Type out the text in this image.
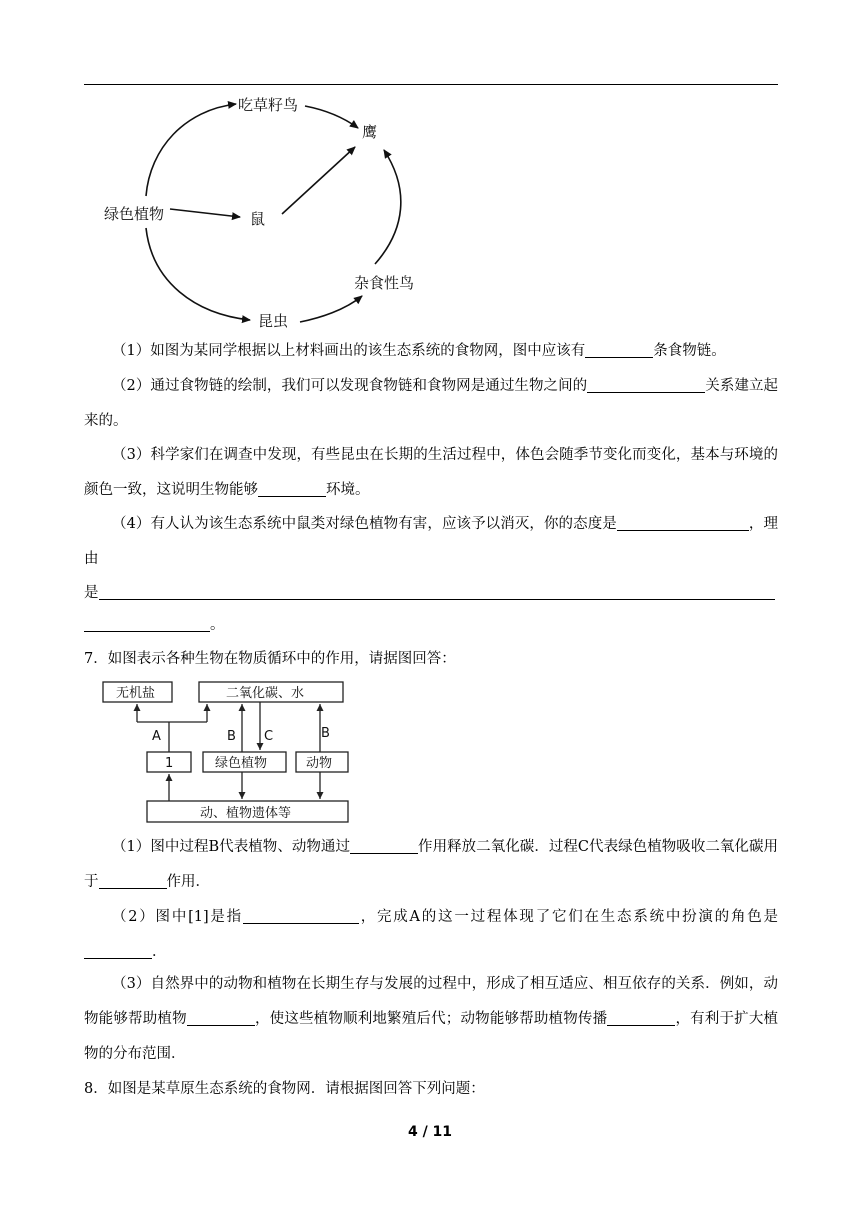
吃草籽鸟
鹰
绿色植物	鼠
杂食性鸟
昆虫
（1）如图为某同学根据以上材料画出的该生态系统的食物网，图中应该有	条食物链。
（2）通过食物链的绘制，我们可以发现食物链和食物网是通过生物之间的	关系建立起来的。
（3）科学家们在调查中发现，有些昆虫在长期的生活过程中，体色会随季节变化而变化，基本与环境的颜色一致，这说明生物能够	环境。
（4）有人认为该生态系统中鼠类对绿色植物有害，应该予以消灭，你的态度是	，理由
是
。
7．如图表示各种生物在物质循环中的作用，请据图回答：
无机盐	二氧化碳、水
1	绿色植物	动物
动、植物遗体等
A	B C	B
（1）图中过程B代表植物、动物通过	作用释放二氧化碳．过程C代表绿色植物吸收二氧化碳用于	作用．
（2）图中[1]是指	，完成A的这一过程体现了它们在生态系统中扮演的角色是．
（3）自然界中的动物和植物在长期生存与发展的过程中，形成了相互适应、相互依存的关系．例如，动物能够帮助植物	，使这些植物顺利地繁殖后代；动物能够帮助植物传播	，有利于扩大植物的分布范围．
8．如图是某草原生态系统的食物网．请根据图回答下列问题：
4 / 11
